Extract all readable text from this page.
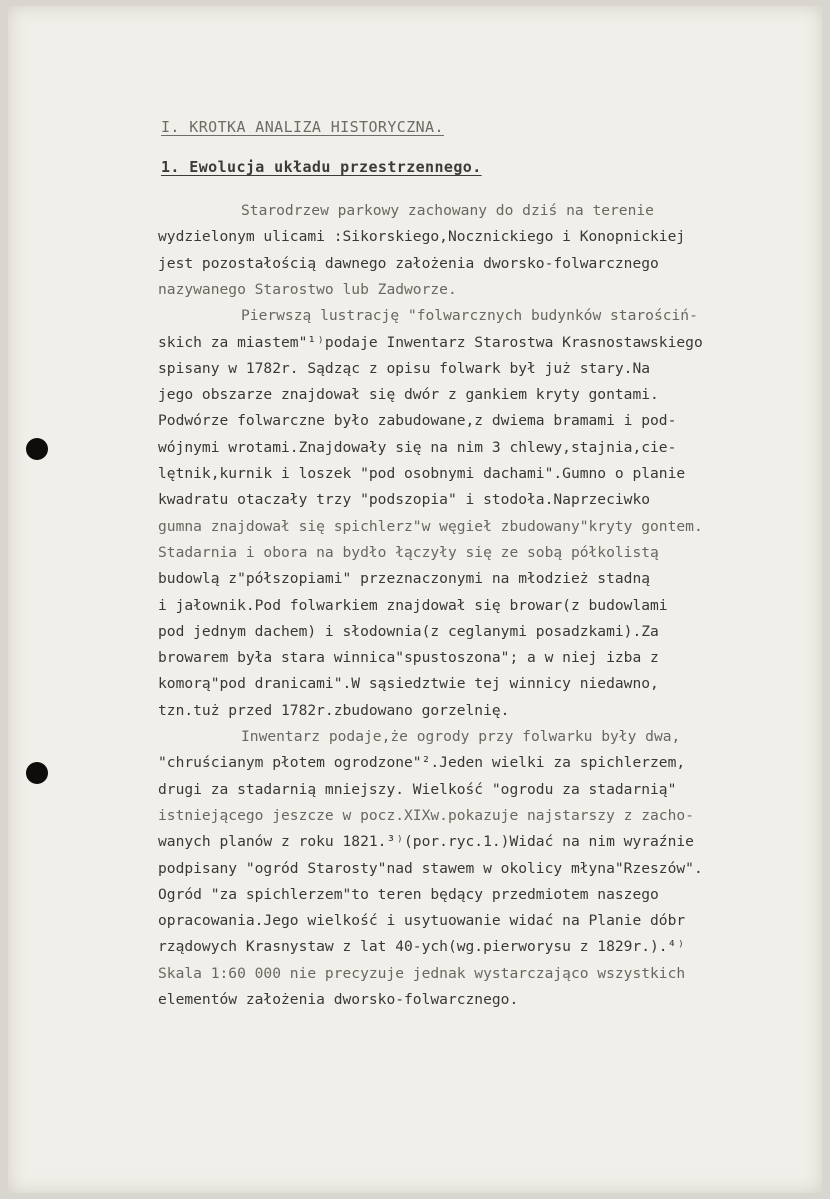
I. KROTKA ANALIZA HISTORYCZNA.
1. Ewolucja układu przestrzennego.
Starodrzew parkowy zachowany do dziś na terenie
wydzielonym ulicami :Sikorskiego,Nocznickiego i Konopnickiej
jest pozostałością dawnego założenia dworsko-folwarcznego
nazywanego Starostwo lub Zadworze.
Pierwszą lustrację "folwarcznych budynków starościń-
skich za miastem"¹⁾podaje Inwentarz Starostwa Krasnostawskiego
spisany w 1782r. Sądząc z opisu folwark był już stary.Na
jego obszarze znajdował się dwór z gankiem kryty gontami.
Podwórze folwarczne było zabudowane,z dwiema bramami i pod-
wójnymi wrotami.Znajdowały się na nim 3 chlewy,stajnia,cie-
lętnik,kurnik i loszek "pod osobnymi dachami".Gumno o planie
kwadratu otaczały trzy "podszopia" i stodoła.Naprzeciwko
gumna znajdował się spichlerz"w węgieł zbudowany"kryty gontem.
Stadarnia i obora na bydło łączyły się ze sobą półkolistą
budowlą z"półszopiami" przeznaczonymi na młodzież stadną
i jałownik.Pod folwarkiem znajdował się browar(z budowlami
pod jednym dachem) i słodownia(z ceglanymi posadzkami).Za
browarem była stara winnica"spustoszona"; a w niej izba z
komorą"pod dranicami".W sąsiedztwie tej winnicy niedawno,
tzn.tuż przed 1782r.zbudowano gorzelnię.
Inwentarz podaje,że ogrody przy folwarku były dwa,
"chruścianym płotem ogrodzone"².Jeden wielki za spichlerzem,
drugi za stadarnią mniejszy. Wielkość "ogrodu za stadarnią"
istniejącego jeszcze w pocz.XIXw.pokazuje najstarszy z zacho-
wanych planów z roku 1821.³⁾(por.ryc.1.)Widać na nim wyraźnie
podpisany "ogród Starosty"nad stawem w okolicy młyna"Rzeszów".
Ogród "za spichlerzem"to teren będący przedmiotem naszego
opracowania.Jego wielkość i usytuowanie widać na Planie dóbr
rządowych Krasnystaw z lat 40-ych(wg.pierworysu z 1829r.).⁴⁾
Skala 1:60 000 nie precyzuje jednak wystarczająco wszystkich
elementów założenia dworsko-folwarcznego.
